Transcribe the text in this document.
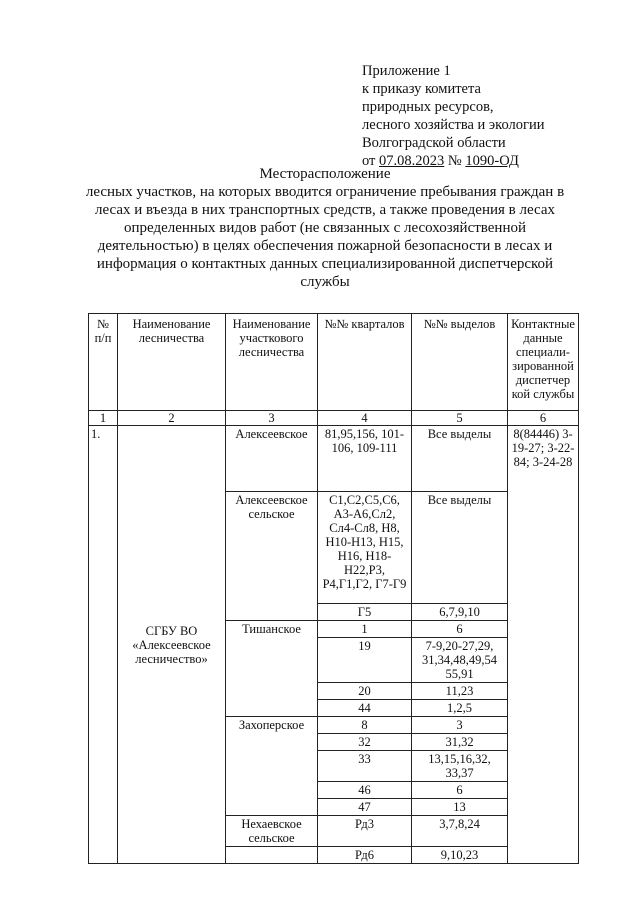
Приложение 1
к приказу комитета
природных ресурсов,
лесного хозяйства и экологии
Волгоградской области
от 07.08.2023 № 1090-ОД
Месторасположение
лесных участков, на которых вводится ограничение пребывания граждан в лесах и въезда в них транспортных средств, а также проведения в лесах определенных видов работ (не связанных с лесохозяйственной деятельностью) в целях обеспечения пожарной безопасности в лесах и информация о контактных данных специализированной диспетчерской службы
№ п/п	Наименование лесничества	Наименование участкового лесничества	№№ кварталов	№№ выделов	Контактные данные специали-зированной диспетчер кой службы
1	2	3	4	5	6
1.	СГБУ ВО «Алексеевское лесничество»	Алексеевское	81,95,156, 101-106, 109-111	Все выделы	8(84446) 3-19-27; 3-22-84; 3-24-28
		Алексеевское сельское	С1,С2,С5,С6, А3-А6,Сл2, Сл4-Сл8, Н8, Н10-Н13, Н15, Н16, Н18-Н22,Р3, Р4,Г1,Г2, Г7-Г9	Все выделы	
			Г5	6,7,9,10	
		Тишанское	1	6	
			19	7-9,20-27,29, 31,34,48,49,54 55,91	
			20	11,23	
			44	1,2,5	
		Захоперское	8	3	
			32	31,32	
			33	13,15,16,32, 33,37	
			46	6	
			47	13	
		Нехаевское сельское	Рд3	3,7,8,24	
			Рд6	9,10,23	
